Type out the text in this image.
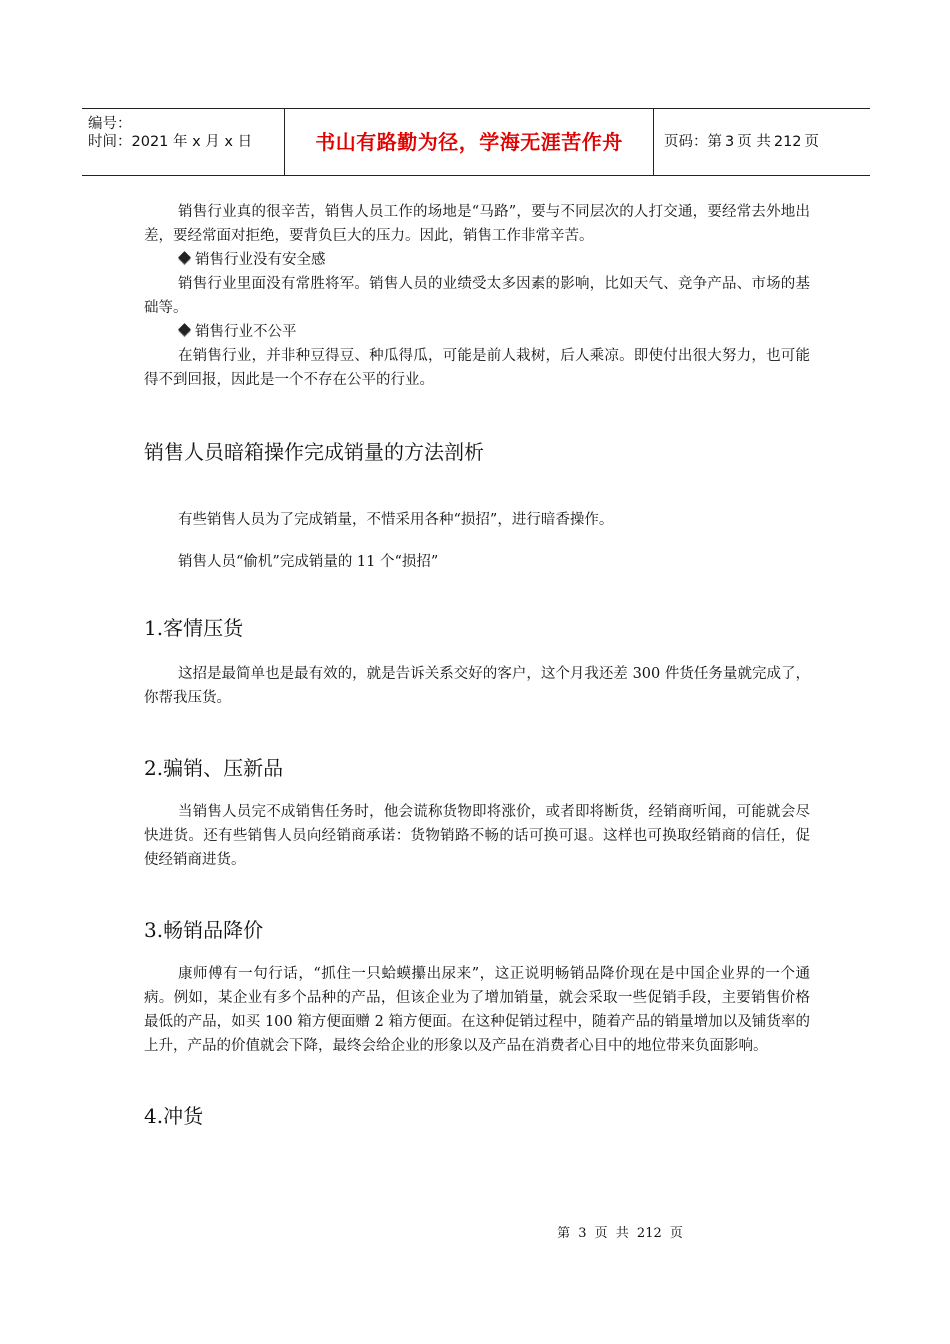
编号：
时间：2021 年 x 月 x 日	书山有路勤为径，学海无涯苦作舟	页码：第 3 页 共 212 页

销售行业真的很辛苦，销售人员工作的场地是“马路”，要与不同层次的人打交通，要经常去外地出差，要经常面对拒绝，要背负巨大的压力。因此，销售工作非常辛苦。

销售行业没有安全感

销售行业里面没有常胜将军。销售人员的业绩受太多因素的影响，比如天气、竞争产品、市场的基础等。

销售行业不公平

在销售行业，并非种豆得豆、种瓜得瓜，可能是前人栽树，后人乘凉。即使付出很大努力，也可能得不到回报，因此是一个不存在公平的行业。

销售人员暗箱操作完成销量的方法剖析

有些销售人员为了完成销量，不惜采用各种“损招”，进行暗香操作。

销售人员“偷机”完成销量的 11 个“损招”

1.客情压货

这招是最简单也是最有效的，就是告诉关系交好的客户，这个月我还差 300 件货任务量就完成了，你帮我压货。

2.骗销、压新品

当销售人员完不成销售任务时，他会谎称货物即将涨价，或者即将断货，经销商听闻，可能就会尽快进货。还有些销售人员向经销商承诺：货物销路不畅的话可换可退。这样也可换取经销商的信任，促使经销商进货。

3.畅销品降价

康师傅有一句行话，“抓住一只蛤蟆攥出尿来”，这正说明畅销品降价现在是中国企业界的一个通病。例如，某企业有多个品种的产品，但该企业为了增加销量，就会采取一些促销手段，主要销售价格最低的产品，如买 100 箱方便面赠 2 箱方便面。在这种促销过程中，随着产品的销量增加以及铺货率的上升，产品的价值就会下降，最终会给企业的形象以及产品在消费者心目中的地位带来负面影响。

4.冲货
第 3 页 共 212 页
